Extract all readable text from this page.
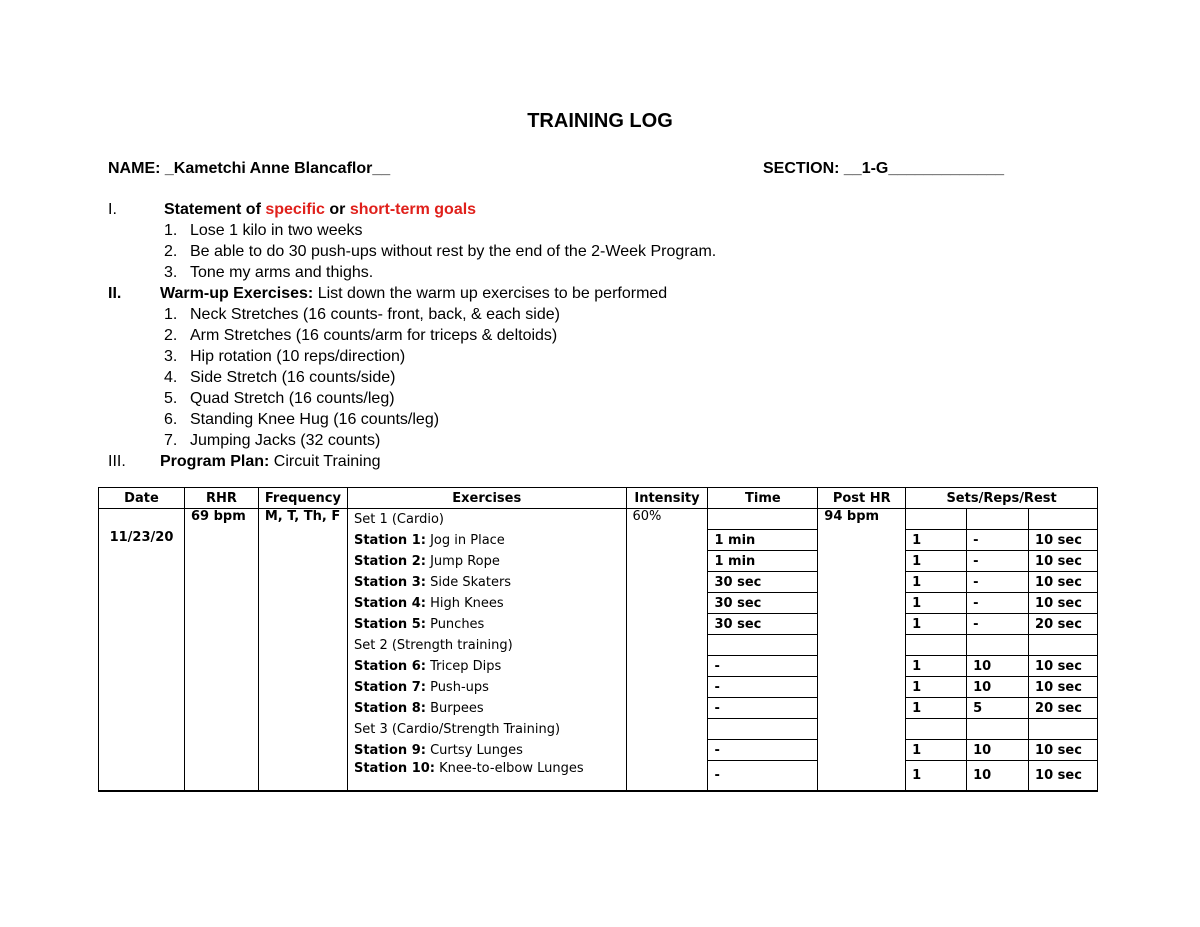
TRAINING LOG
NAME: _Kametchi Anne Blancaflor__	SECTION: __1-G_____________
I.	Statement of specific or short-term goals
1. Lose 1 kilo in two weeks
2. Be able to do 30 push-ups without rest by the end of the 2-Week Program.
3. Tone my arms and thighs.
II. Warm-up Exercises: List down the warm up exercises to be performed
1. Neck Stretches (16 counts- front, back, & each side)
2. Arm Stretches (16 counts/arm for triceps & deltoids)
3. Hip rotation (10 reps/direction)
4. Side Stretch (16 counts/side)
5. Quad Stretch (16 counts/leg)
6. Standing Knee Hug (16 counts/leg)
7. Jumping Jacks (32 counts)
III. Program Plan: Circuit Training
Date	RHR	Frequency	Exercises	Intensity	Time	Post HR	Sets/Reps/Rest		

11/23/20	69 bpm	M, T, Th, F	Set 1 (Cardio)	60%		94 bpm			
			Station 1: Jog in Place		1 min		1	-	10 sec
			Station 2: Jump Rope		1 min		1	-	10 sec
			Station 3: Side Skaters		30 sec		1	-	10 sec
			Station 4: High Knees		30 sec		1	-	10 sec
			Station 5: Punches		30 sec		1	-	20 sec
			Set 2 (Strength training)						
			Station 6: Tricep Dips		-		1	10	10 sec
			Station 7: Push-ups		-		1	10	10 sec
			Station 8: Burpees		-		1	5	20 sec
			Set 3 (Cardio/Strength Training)						
			Station 9: Curtsy Lunges		-		1	10	10 sec
			Station 10: Knee-to-elbow Lunges		-		1	10	10 sec
